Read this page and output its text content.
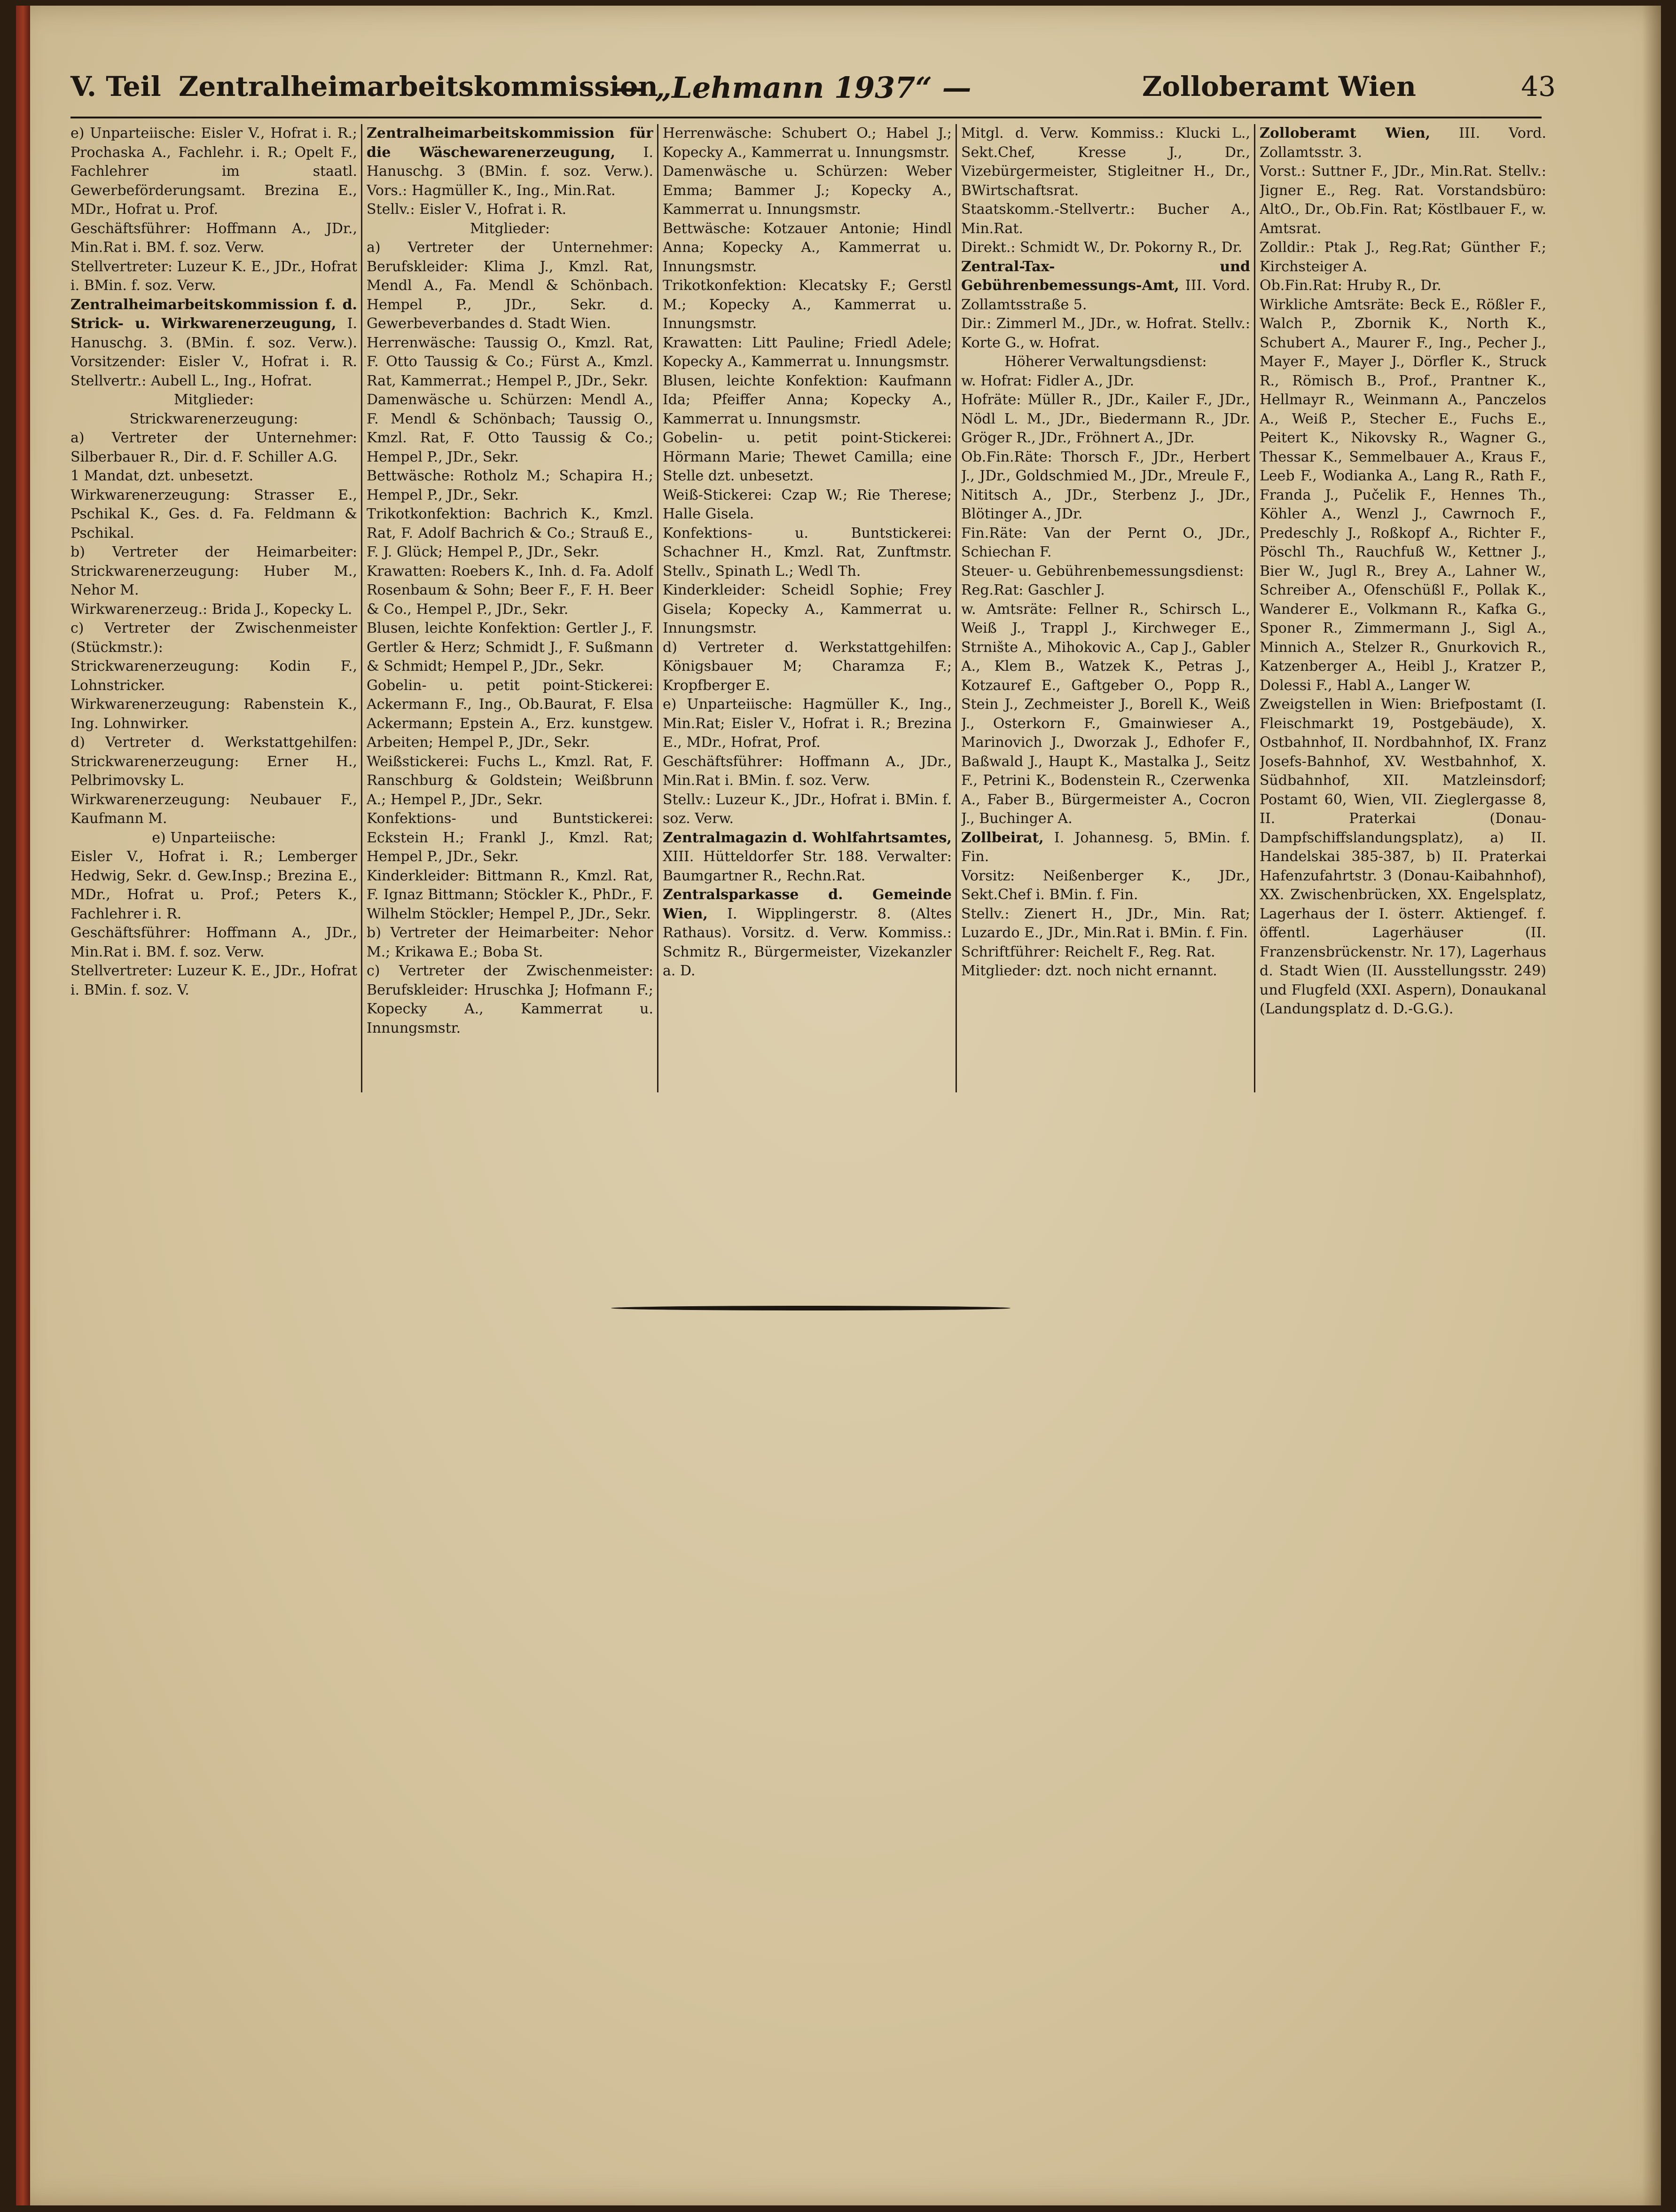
V. Teil Zentralheimarbeitskommission
— „Lehmann 1937“ —	Zolloberamt Wien	43

e) Unparteiische: Eisler V., Hofrat i. R.; Prochaska A., Fachlehr. i. R.; Opelt F., Fachlehrer im staatl. Gewerbeförderungsamt. Brezina E., MDr., Hofrat u. Prof.

Geschäftsführer: Hoffmann A., JDr., Min.Rat i. BM. f. soz. Verw.

Stellvertreter: Luzeur K. E., JDr., Hofrat i. BMin. f. soz. Verw.

Zentralheimarbeitskommission f. d. Strick- u. Wirkwarenerzeugung, I. Hanuschg. 3. (BMin. f. soz. Verw.). Vorsitzender: Eisler V., Hofrat i. R. Stellvertr.: Aubell L., Ing., Hofrat.

Mitglieder:

Strickwarenerzeugung:

a) Vertreter der Unternehmer: Silberbauer R., Dir. d. F. Schiller A.G.

1 Mandat, dzt. unbesetzt.

Wirkwarenerzeugung: Strasser E., Pschikal K., Ges. d. Fa. Feldmann & Pschikal.

b) Vertreter der Heimarbeiter: Strickwarenerzeugung: Huber M., Nehor M.

Wirkwarenerzeug.: Brida J., Kopecky L.

c) Vertreter der Zwischenmeister (Stückmstr.):

Strickwarenerzeugung: Kodin F., Lohnstricker.

Wirkwarenerzeugung: Rabenstein K., Ing. Lohnwirker.

d) Vertreter d. Werkstattgehilfen: Strickwarenerzeugung: Erner H., Pelbrimovsky L.

Wirkwarenerzeugung: Neubauer F., Kaufmann M.

e) Unparteiische:

Eisler V., Hofrat i. R.; Lemberger Hedwig, Sekr. d. Gew.Insp.; Brezina E., MDr., Hofrat u. Prof.; Peters K., Fachlehrer i. R.

Geschäftsführer: Hoffmann A., JDr., Min.Rat i. BM. f. soz. Verw.

Stellvertreter: Luzeur K. E., JDr., Hofrat i. BMin. f. soz. V.

Zentralheimarbeitskommission für die Wäschewarenerzeugung, I. Hanuschg. 3 (BMin. f. soz. Verw.). Vors.: Hagmüller K., Ing., Min.Rat.

Stellv.: Eisler V., Hofrat i. R.

Mitglieder:

a) Vertreter der Unternehmer: Berufskleider: Klima J., Kmzl. Rat, Mendl A., Fa. Mendl & Schönbach. Hempel P., JDr., Sekr. d. Gewerbeverbandes d. Stadt Wien.

Herrenwäsche: Taussig O., Kmzl. Rat, F. Otto Taussig & Co.; Fürst A., Kmzl. Rat, Kammerrat.; Hempel P., JDr., Sekr.

Damenwäsche u. Schürzen: Mendl A., F. Mendl & Schönbach; Taussig O., Kmzl. Rat, F. Otto Taussig & Co.; Hempel P., JDr., Sekr.

Bettwäsche: Rotholz M.; Schapira H.; Hempel P., JDr., Sekr.

Trikotkonfektion: Bachrich K., Kmzl. Rat, F. Adolf Bachrich & Co.; Strauß E., F. J. Glück; Hempel P., JDr., Sekr.

Krawatten: Roebers K., Inh. d. Fa. Adolf Rosenbaum & Sohn; Beer F., F. H. Beer & Co., Hempel P., JDr., Sekr.

Blusen, leichte Konfektion: Gertler J., F. Gertler & Herz; Schmidt J., F. Sußmann & Schmidt; Hempel P., JDr., Sekr.

Gobelin- u. petit point-Stickerei: Ackermann F., Ing., Ob.Baurat, F. Elsa Ackermann; Epstein A., Erz. kunstgew. Arbeiten; Hempel P., JDr., Sekr.

Weißstickerei: Fuchs L., Kmzl. Rat, F. Ranschburg & Goldstein; Weißbrunn A.; Hempel P., JDr., Sekr.

Konfektions- und Buntstickerei: Eckstein H.; Frankl J., Kmzl. Rat; Hempel P., JDr., Sekr.

Kinderkleider: Bittmann R., Kmzl. Rat, F. Ignaz Bittmann; Stöckler K., PhDr., F. Wilhelm Stöckler; Hempel P., JDr., Sekr.

b) Vertreter der Heimarbeiter: Nehor M.; Krikawa E.; Boba St.

c) Vertreter der Zwischenmeister: Berufskleider: Hruschka J; Hofmann F.; Kopecky A., Kammerrat u. Innungsmstr.

Herrenwäsche: Schubert O.; Habel J.; Kopecky A., Kammerrat u. Innungsmstr.

Damenwäsche u. Schürzen: Weber Emma; Bammer J.; Kopecky A., Kammerrat u. Innungsmstr.

Bettwäsche: Kotzauer Antonie; Hindl Anna; Kopecky A., Kammerrat u. Innungsmstr.

Trikotkonfektion: Klecatsky F.; Gerstl M.; Kopecky A., Kammerrat u. Innungsmstr.

Krawatten: Litt Pauline; Friedl Adele; Kopecky A., Kammerrat u. Innungsmstr.

Blusen, leichte Konfektion: Kaufmann Ida; Pfeiffer Anna; Kopecky A., Kammerrat u. Innungsmstr.

Gobelin- u. petit point-Stickerei: Hörmann Marie; Thewet Camilla; eine Stelle dzt. unbesetzt.

Weiß-Stickerei: Czap W.; Rie Therese; Halle Gisela.

Konfektions- u. Buntstickerei: Schachner H., Kmzl. Rat, Zunftmstr. Stellv., Spinath L.; Wedl Th.

Kinderkleider: Scheidl Sophie; Frey Gisela; Kopecky A., Kammerrat u. Innungsmstr.

d) Vertreter d. Werkstattgehilfen: Königsbauer M; Charamza F.; Kropfberger E.

e) Unparteiische: Hagmüller K., Ing., Min.Rat; Eisler V., Hofrat i. R.; Brezina E., MDr., Hofrat, Prof.

Geschäftsführer: Hoffmann A., JDr., Min.Rat i. BMin. f. soz. Verw.

Stellv.: Luzeur K., JDr., Hofrat i. BMin. f. soz. Verw.

Zentralmagazin d. Wohlfahrtsamtes, XIII. Hütteldorfer Str. 188. Verwalter: Baumgartner R., Rechn.Rat.

Zentralsparkasse d. Gemeinde Wien, I. Wipplingerstr. 8. (Altes Rathaus). Vorsitz. d. Verw. Kommiss.: Schmitz R., Bürgermeister, Vizekanzler a. D.

Mitgl. d. Verw. Kommiss.: Klucki L., Sekt.Chef, Kresse J., Dr., Vizebürgermeister, Stigleitner H., Dr., BWirtschaftsrat.

Staatskomm.-Stellvertr.: Bucher A., Min.Rat.

Direkt.: Schmidt W., Dr. Pokorny R., Dr.

Zentral-Tax- und Gebührenbemessungs-Amt, III. Vord. Zollamtsstraße 5.

Dir.: Zimmerl M., JDr., w. Hofrat. Stellv.: Korte G., w. Hofrat.

Höherer Verwaltungsdienst:

w. Hofrat: Fidler A., JDr.

Hofräte: Müller R., JDr., Kailer F., JDr., Nödl L. M., JDr., Biedermann R., JDr. Gröger R., JDr., Fröhnert A., JDr.

Ob.Fin.Räte: Thorsch F., JDr., Herbert J., JDr., Goldschmied M., JDr., Mreule F., Nititsch A., JDr., Sterbenz J., JDr., Blötinger A., JDr.

Fin.Räte: Van der Pernt O., JDr., Schiechan F.

Steuer- u. Gebührenbemessungsdienst:

Reg.Rat: Gaschler J.

w. Amtsräte: Fellner R., Schirsch L., Weiß J., Trappl J., Kirchweger E., Strnište A., Mihokovic A., Cap J., Gabler A., Klem B., Watzek K., Petras J., Kotzauref E., Gaftgeber O., Popp R., Stein J., Zechmeister J., Borell K., Weiß J., Osterkorn F., Gmainwieser A., Marinovich J., Dworzak J., Edhofer F., Baßwald J., Haupt K., Mastalka J., Seitz F., Petrini K., Bodenstein R., Czerwenka A., Faber B., Bürgermeister A., Cocron J., Buchinger A.

Zollbeirat, I. Johannesg. 5, BMin. f. Fin.

Vorsitz: Neißenberger K., JDr., Sekt.Chef i. BMin. f. Fin.

Stellv.: Zienert H., JDr., Min. Rat; Luzardo E., JDr., Min.Rat i. BMin. f. Fin.

Schriftführer: Reichelt F., Reg. Rat.

Mitglieder: dzt. noch nicht ernannt.

Zolloberamt Wien, III. Vord. Zollamtsstr. 3.

Vorst.: Suttner F., JDr., Min.Rat. Stellv.: Jigner E., Reg. Rat. Vorstandsbüro: AltO., Dr., Ob.Fin. Rat; Köstlbauer F., w. Amtsrat.

Zolldir.: Ptak J., Reg.Rat; Günther F.; Kirchsteiger A.

Ob.Fin.Rat: Hruby R., Dr.

Wirkliche Amtsräte: Beck E., Rößler F., Walch P., Zbornik K., North K., Schubert A., Maurer F., Ing., Pecher J., Mayer F., Mayer J., Dörfler K., Struck R., Römisch B., Prof., Prantner K., Hellmayr R., Weinmann A., Panczelos A., Weiß P., Stecher E., Fuchs E., Peitert K., Nikovsky R., Wagner G., Thessar K., Semmelbauer A., Kraus F., Leeb F., Wodianka A., Lang R., Rath F., Franda J., Pučelik F., Hennes Th., Köhler A., Wenzl J., Cawrnoch F., Predeschly J., Roßkopf A., Richter F., Pöschl Th., Rauchfuß W., Kettner J., Bier W., Jugl R., Brey A., Lahner W., Schreiber A., Ofenschüßl F., Pollak K., Wanderer E., Volkmann R., Kafka G., Sponer R., Zimmermann J., Sigl A., Minnich A., Stelzer R., Gnurkovich R., Katzenberger A., Heibl J., Kratzer P., Dolessi F., Habl A., Langer W.

Zweigstellen in Wien: Briefpostamt (I. Fleischmarkt 19, Postgebäude), X. Ostbahnhof, II. Nordbahnhof, IX. Franz Josefs-Bahnhof, XV. Westbahnhof, X. Südbahnhof, XII. Matzleinsdorf; Postamt 60, Wien, VII. Zieglergasse 8, II. Praterkai (Donau-Dampfschiffslandungsplatz), a) II. Handelskai 385-387, b) II. Praterkai Hafenzufahrtstr. 3 (Donau-Kaibahnhof), XX. Zwischenbrücken, XX. Engelsplatz, Lagerhaus der I. österr. Aktiengef. f. öffentl. Lagerhäuser (II. Franzensbrückenstr. Nr. 17), Lagerhaus d. Stadt Wien (II. Ausstellungsstr. 249) und Flugfeld (XXI. Aspern), Donaukanal (Landungsplatz d. D.-G.G.).
